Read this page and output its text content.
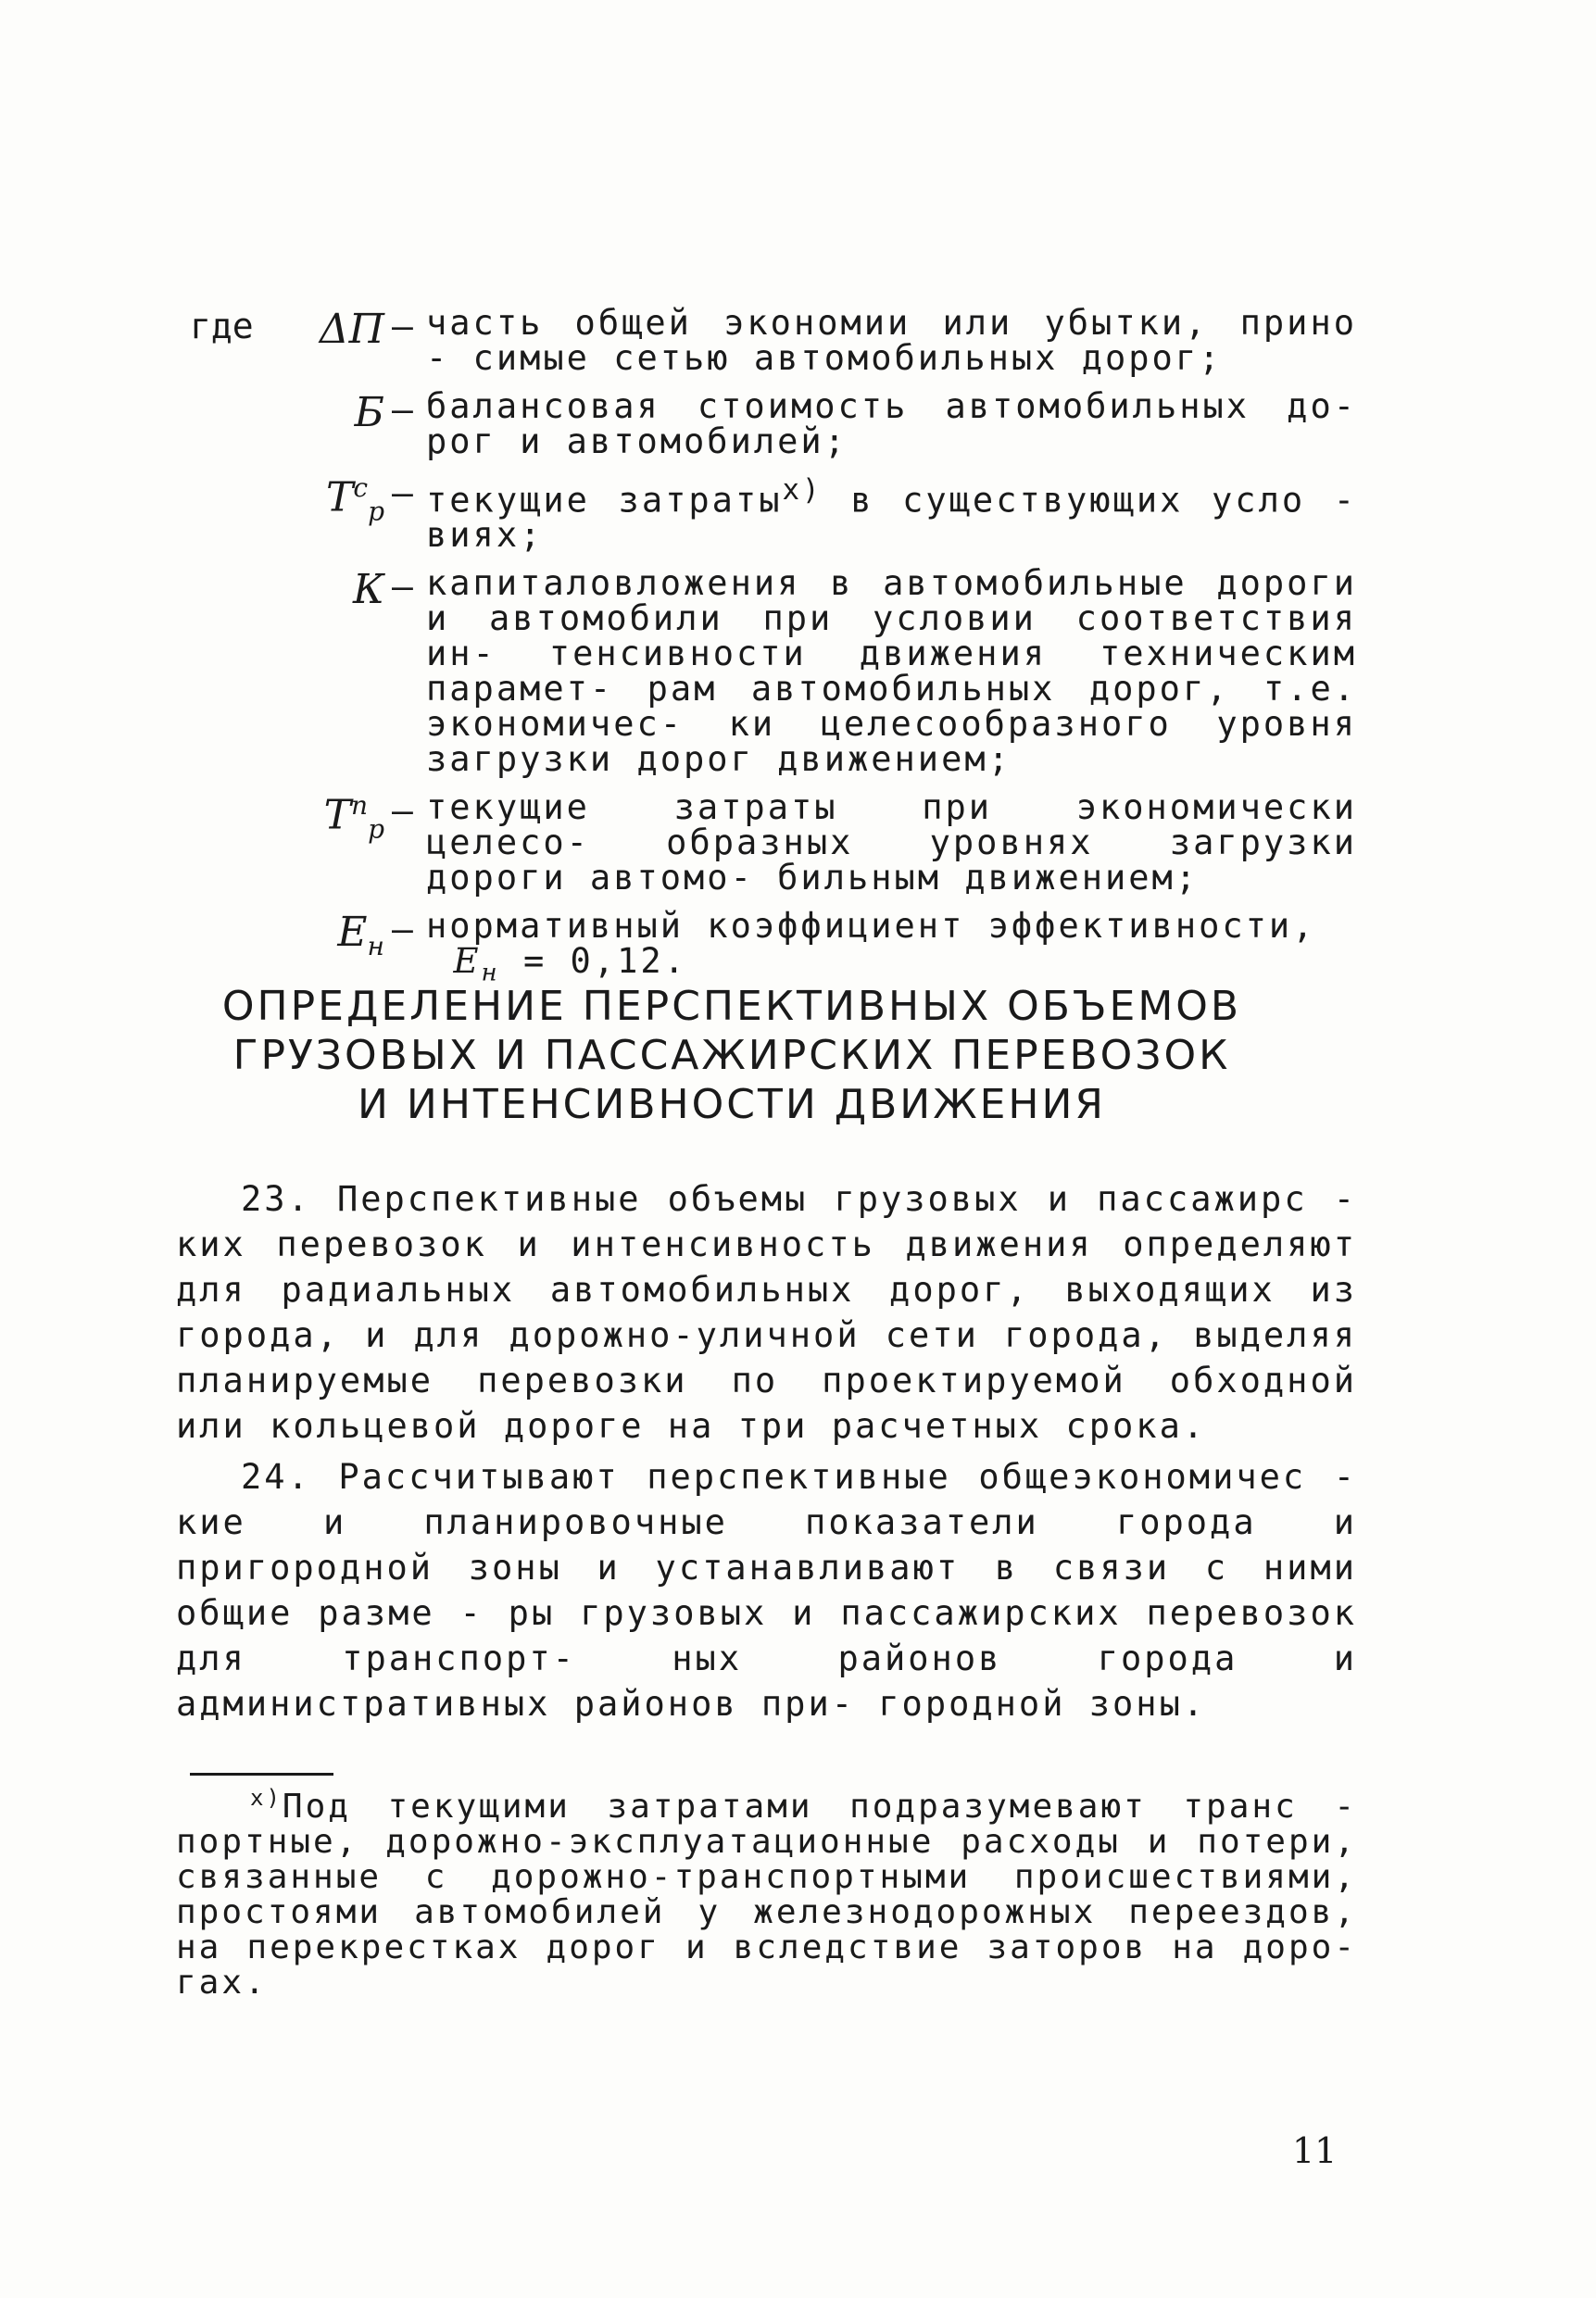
где	ΔП – часть общей экономии или убытки, прино - симые сетью автомобильных дорог;
Б – балансовая стоимость автомобильных до- рог и автомобилей;
$Т^с_р$ – текущие затраты$^{х)}$ в существующих усло - виях;
К – капиталовложения в автомобильные дороги и автомобили при условии соответствия ин- тенсивности движения техническим парамет- рам автомобильных дорог, т.е. экономичес- ки целесообразного уровня загрузки дорог движением;
$Т^п_р$ – текущие затраты при экономически целесо- образных уровнях загрузки дороги автомо- бильным движением;
$Е_н$ – нормативный коэффициент эффективности,
$Е_н = 0,12$.
ОПРЕДЕЛЕНИЕ ПЕРСПЕКТИВНЫХ ОБЪЕМОВ
ГРУЗОВЫХ И ПАССАЖИРСКИХ ПЕРЕВОЗОК
И ИНТЕНСИВНОСТИ ДВИЖЕНИЯ

23. Перспективные объемы грузовых и пассажирс - ких перевозок и интенсивность движения определяют для радиальных автомобильных дорог, выходящих из города, и для дорожно-уличной сети города, выделяя планируемые перевозки по проектируемой обходной или кольцевой дороге на три расчетных срока.

24. Рассчитывают перспективные общеэкономичес - кие и планировочные показатели города и пригородной зоны и устанавливают в связи с ними общие разме - ры грузовых и пассажирских перевозок для транспорт- ных районов города и административных районов при- городной зоны.

$^{х)}$Под текущими затратами подразумевают транс - портные, дорожно-эксплуатационные расходы и потери, связанные с дорожно-транспортными происшествиями, простоями автомобилей у железнодорожных переездов, на перекрестках дорог и вследствие заторов на доро- гах.
11
